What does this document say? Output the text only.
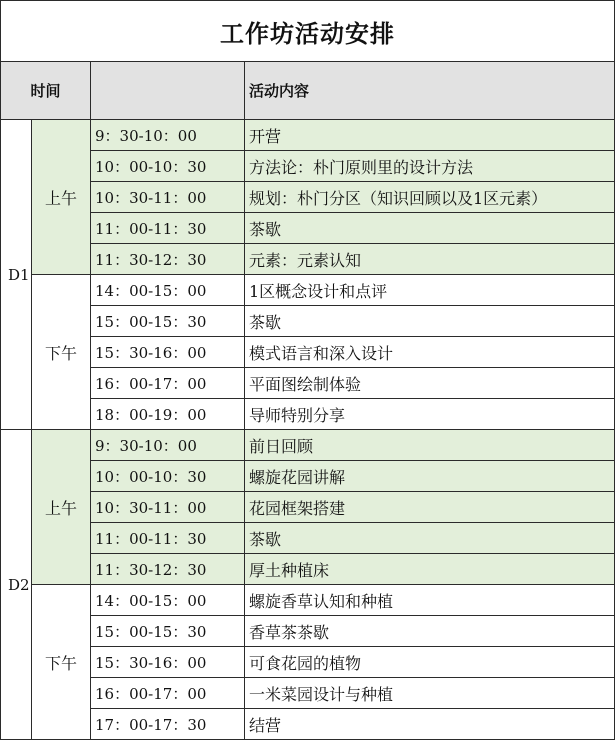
工作坊活动安排			
时间			活动内容
D1	上午	9：30-10：00	开营
		10：00-10：30	方法论：朴门原则里的设计方法
		10：30-11：00	规划：朴门分区（知识回顾以及1区元素）
		11：00-11：30	茶歇
		11：30-12：30	元素：元素认知
	下午	14：00-15：00	1区概念设计和点评
		15：00-15：30	茶歇
		15：30-16：00	模式语言和深入设计
		16：00-17：00	平面图绘制体验
		18：00-19：00	导师特别分享
D2	上午	9：30-10：00	前日回顾
		10：00-10：30	螺旋花园讲解
		10：30-11：00	花园框架搭建
		11：00-11：30	茶歇
		11：30-12：30	厚土种植床
	下午	14：00-15：00	螺旋香草认知和种植
		15：00-15：30	香草茶茶歇
		15：30-16：00	可食花园的植物
		16：00-17：00	一米菜园设计与种植
		17：00-17：30	结营
